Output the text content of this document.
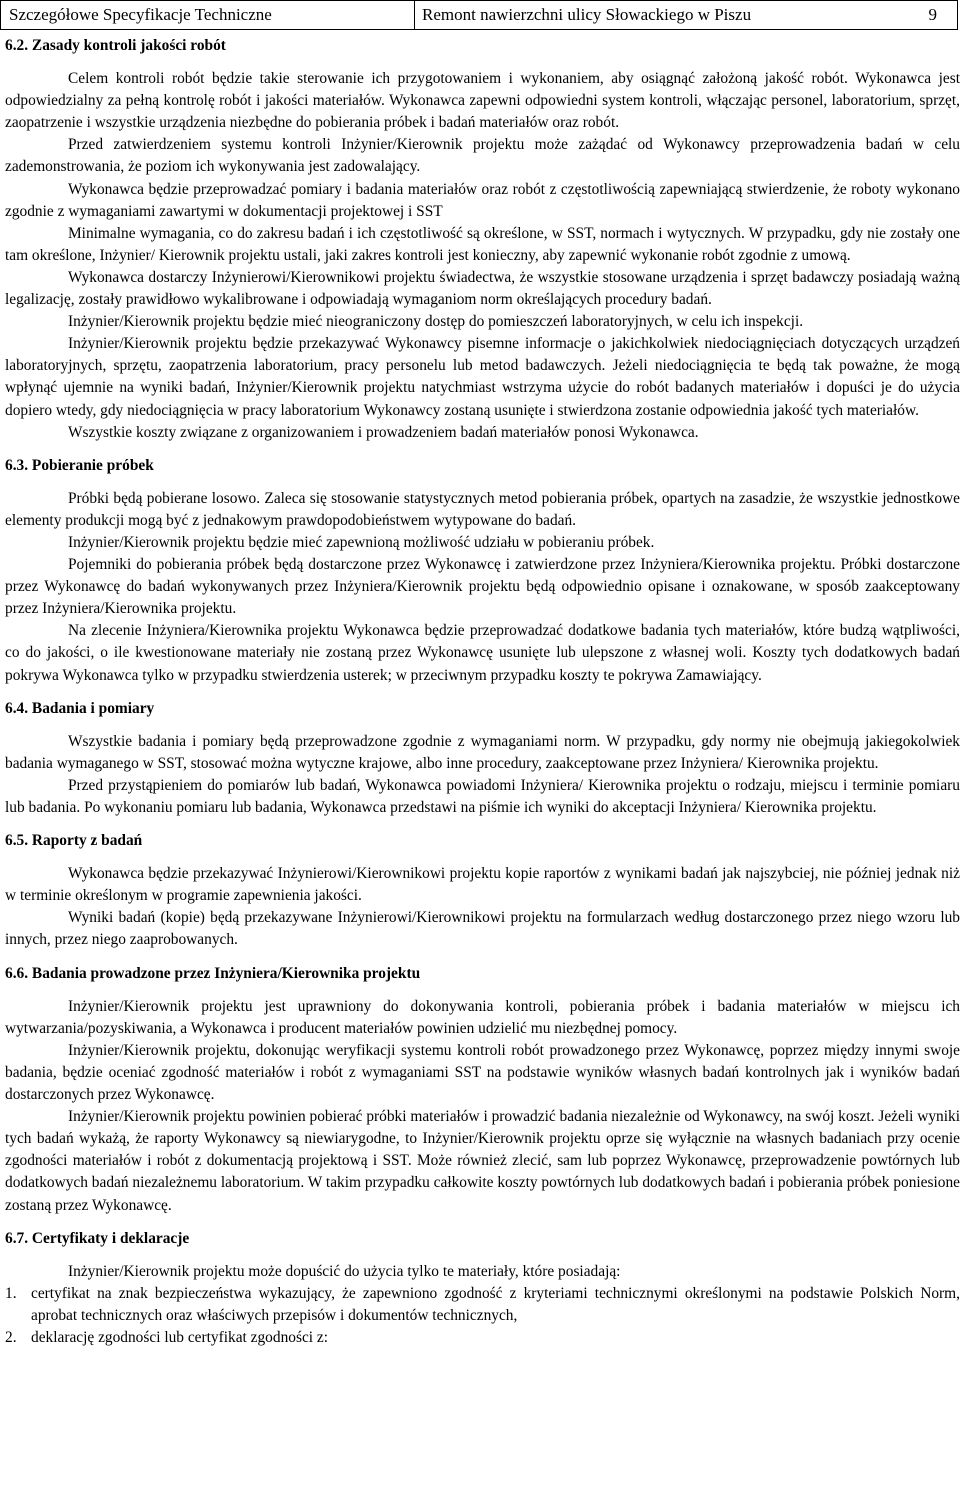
Szczegółowe Specyfikacje Techniczne	Remont nawierzchni ulicy Słowackiego w Piszu	9
6.2. Zasady kontroli jakości robót

Celem kontroli robót będzie takie sterowanie ich przygotowaniem i wykonaniem, aby osiągnąć założoną jakość robót. Wykonawca jest odpowiedzialny za pełną kontrolę robót i jakości materiałów. Wykonawca zapewni odpowiedni system kontroli, włączając personel, laboratorium, sprzęt, zaopatrzenie i wszystkie urządzenia niezbędne do pobierania próbek i badań materiałów oraz robót.

Przed zatwierdzeniem systemu kontroli Inżynier/Kierownik projektu może zażądać od Wykonawcy przeprowadzenia badań w celu zademonstrowania, że poziom ich wykonywania jest zadowalający.

Wykonawca będzie przeprowadzać pomiary i badania materiałów oraz robót z częstotliwością zapewniającą stwierdzenie, że roboty wykonano zgodnie z wymaganiami zawartymi w dokumentacji projektowej i SST

Minimalne wymagania, co do zakresu badań i ich częstotliwość są określone, w SST, normach i wytycznych. W przypadku, gdy nie zostały one tam określone, Inżynier/ Kierownik projektu ustali, jaki zakres kontroli jest konieczny, aby zapewnić wykonanie robót zgodnie z umową.

Wykonawca dostarczy Inżynierowi/Kierownikowi projektu świadectwa, że wszystkie stosowane urządzenia i sprzęt badawczy posiadają ważną legalizację, zostały prawidłowo wykalibrowane i odpowiadają wymaganiom norm określających procedury badań.

Inżynier/Kierownik projektu będzie mieć nieograniczony dostęp do pomieszczeń laboratoryjnych, w celu ich inspekcji.

Inżynier/Kierownik projektu będzie przekazywać Wykonawcy pisemne informacje o jakichkolwiek niedociągnięciach dotyczących urządzeń laboratoryjnych, sprzętu, zaopatrzenia laboratorium, pracy personelu lub metod badawczych. Jeżeli niedociągnięcia te będą tak poważne, że mogą wpłynąć ujemnie na wyniki badań, Inżynier/Kierownik projektu natychmiast wstrzyma użycie do robót badanych materiałów i dopuści je do użycia dopiero wtedy, gdy niedociągnięcia w pracy laboratorium Wykonawcy zostaną usunięte i stwierdzona zostanie odpowiednia jakość tych materiałów.

Wszystkie koszty związane z organizowaniem i prowadzeniem badań materiałów ponosi Wykonawca.

6.3. Pobieranie próbek

Próbki będą pobierane losowo. Zaleca się stosowanie statystycznych metod pobierania próbek, opartych na zasadzie, że wszystkie jednostkowe elementy produkcji mogą być z jednakowym prawdopodobieństwem wytypowane do badań.

Inżynier/Kierownik projektu będzie mieć zapewnioną możliwość udziału w pobieraniu próbek.

Pojemniki do pobierania próbek będą dostarczone przez Wykonawcę i zatwierdzone przez Inżyniera/Kierownika projektu. Próbki dostarczone przez Wykonawcę do badań wykonywanych przez Inżyniera/Kierownik projektu będą odpowiednio opisane i oznakowane, w sposób zaakceptowany przez Inżyniera/Kierownika projektu.

Na zlecenie Inżyniera/Kierownika projektu Wykonawca będzie przeprowadzać dodatkowe badania tych materiałów, które budzą wątpliwości, co do jakości, o ile kwestionowane materiały nie zostaną przez Wykonawcę usunięte lub ulepszone z własnej woli. Koszty tych dodatkowych badań pokrywa Wykonawca tylko w przypadku stwierdzenia usterek; w przeciwnym przypadku koszty te pokrywa Zamawiający.

6.4. Badania i pomiary

Wszystkie badania i pomiary będą przeprowadzone zgodnie z wymaganiami norm. W przypadku, gdy normy nie obejmują jakiegokolwiek badania wymaganego w SST, stosować można wytyczne krajowe, albo inne procedury, zaakceptowane przez Inżyniera/ Kierownika projektu.

Przed przystąpieniem do pomiarów lub badań, Wykonawca powiadomi Inżyniera/ Kierownika projektu o rodzaju, miejscu i terminie pomiaru lub badania. Po wykonaniu pomiaru lub badania, Wykonawca przedstawi na piśmie ich wyniki do akceptacji Inżyniera/ Kierownika projektu.

6.5. Raporty z badań

Wykonawca będzie przekazywać Inżynierowi/Kierownikowi projektu kopie raportów z wynikami badań jak najszybciej, nie później jednak niż w terminie określonym w programie zapewnienia jakości.

Wyniki badań (kopie) będą przekazywane Inżynierowi/Kierownikowi projektu na formularzach według dostarczonego przez niego wzoru lub innych, przez niego zaaprobowanych.

6.6. Badania prowadzone przez Inżyniera/Kierownika projektu

Inżynier/Kierownik projektu jest uprawniony do dokonywania kontroli, pobierania próbek i badania materiałów w miejscu ich wytwarzania/pozyskiwania, a Wykonawca i producent materiałów powinien udzielić mu niezbędnej pomocy.

Inżynier/Kierownik projektu, dokonując weryfikacji systemu kontroli robót prowadzonego przez Wykonawcę, poprzez między innymi swoje badania, będzie oceniać zgodność materiałów i robót z wymaganiami SST na podstawie wyników własnych badań kontrolnych jak i wyników badań dostarczonych przez Wykonawcę.

Inżynier/Kierownik projektu powinien pobierać próbki materiałów i prowadzić badania niezależnie od Wykonawcy, na swój koszt. Jeżeli wyniki tych badań wykażą, że raporty Wykonawcy są niewiarygodne, to Inżynier/Kierownik projektu oprze się wyłącznie na własnych badaniach przy ocenie zgodności materiałów i robót z dokumentacją projektową i SST. Może również zlecić, sam lub poprzez Wykonawcę, przeprowadzenie powtórnych lub dodatkowych badań niezależnemu laboratorium. W takim przypadku całkowite koszty powtórnych lub dodatkowych badań i pobierania próbek poniesione zostaną przez Wykonawcę.

6.7. Certyfikaty i deklaracje

Inżynier/Kierownik projektu może dopuścić do użycia tylko te materiały, które posiadają:

1. certyfikat na znak bezpieczeństwa wykazujący, że zapewniono zgodność z kryteriami technicznymi określonymi na podstawie Polskich Norm, aprobat technicznych oraz właściwych przepisów i dokumentów technicznych,
2. deklarację zgodności lub certyfikat zgodności z:
